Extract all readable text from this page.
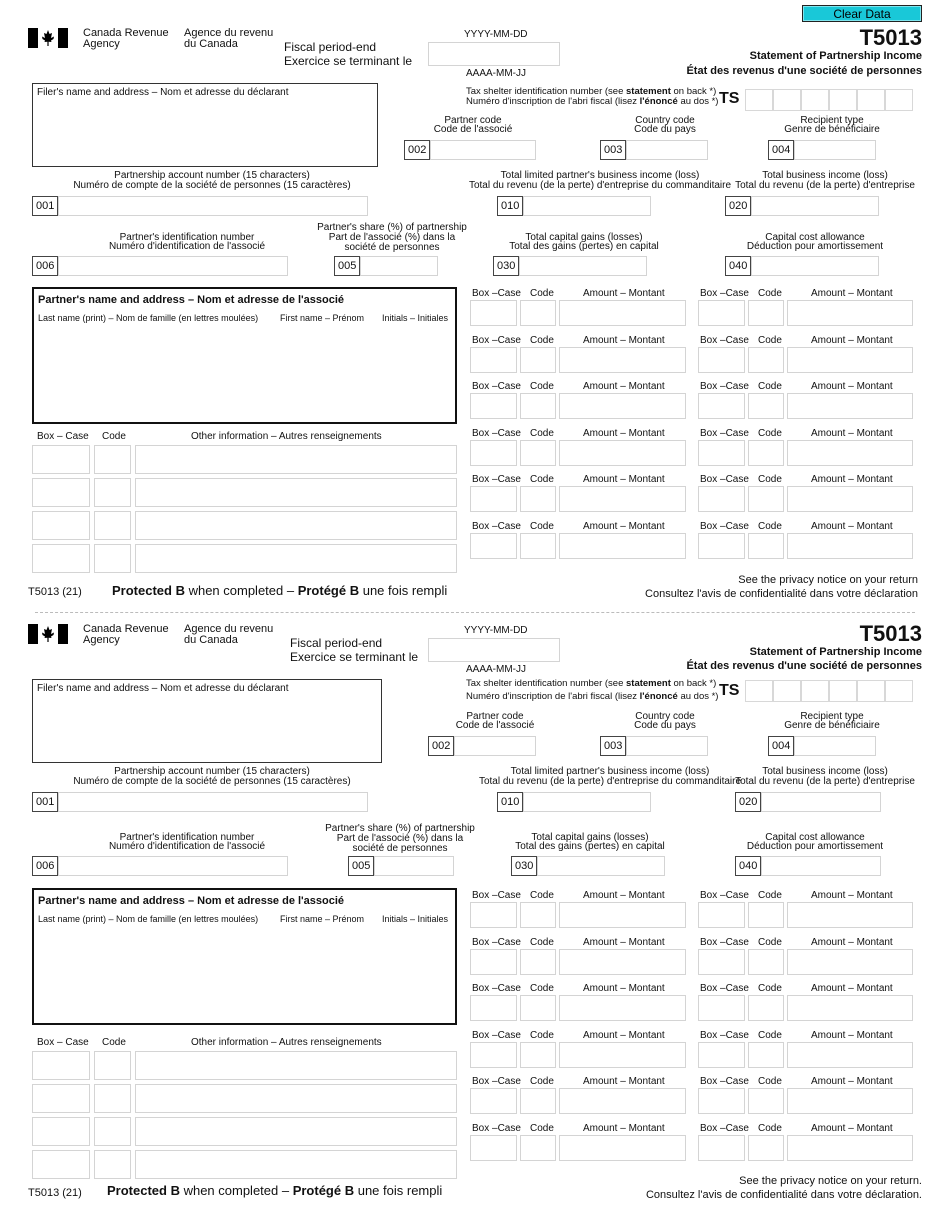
Clear Data
Canada Revenue
Agency
Agence du revenu
du Canada	Fiscal period-end
Exercice se terminant le
YYYY-MM-DD
AAAA-MM-JJ
T5013
Statement of Partnership Income
État des revenus d'une société de personnes
Filer's name and address – Nom et adresse du déclarant	Tax shelter identification number (see statement on back *)
Numéro d'inscription de l'abri fiscal (lisez l'énoncé au dos *) TS
Partner code
Code de l'associé
002
Country code
Code du pays
003
Recipient type
Genre de bénéficiaire
004
Partnership account number (15 characters)
Numéro de compte de la société de personnes (15 caractères)
001
Total limited partner's business income (loss)
Total du revenu (de la perte) d'entreprise du commanditaire
010
Total business income (loss)
Total du revenu (de la perte) d'entreprise
020
Partner's identification number
Numéro d'identification de l'associé
006
Partner's share (%) of partnership
Part de l'associé (%) dans la
société de personnes
005
Total capital gains (losses)
Total des gains (pertes) en capital
030
Capital cost allowance
Déduction pour amortissement
040
Partner's name and address – Nom et adresse de l'associé
Last name (print) – Nom de famille (en lettres moulées) First name – Prénom Initials – Initiales
Box – Case Code	Other information – Autres renseignements
T5013 (21) Protected B when completed – Protégé B une fois rempli
See the privacy notice on your return
Consultez l'avis de confidentialité dans votre déclaration
Box –Case Code	Amount – Montant	Box –Case Code	Amount – Montant
Box –Case Code	Amount – Montant	Box –Case Code	Amount – Montant
Box –Case Code	Amount – Montant	Box –Case Code	Amount – Montant
Box –Case Code	Amount – Montant	Box –Case Code	Amount – Montant
Box –Case Code	Amount – Montant	Box –Case Code	Amount – Montant
Box –Case Code	Amount – Montant	Box –Case Code	Amount – Montant
Canada Revenue
Agency
Agence du revenu
du Canada	Fiscal period-end
Exercice se terminant le
YYYY-MM-DD
AAAA-MM-JJ
T5013
Statement of Partnership Income
État des revenus d'une société de personnes
Filer's name and address – Nom et adresse du déclarant	Tax shelter identification number (see statement on back *)
Numéro d'inscription de l'abri fiscal (lisez l'énoncé au dos *) TS
Partner code
Code de l'associé
002
Country code
Code du pays
003
Recipient type
Genre de bénéficiaire
004
Partnership account number (15 characters)
Numéro de compte de la société de personnes (15 caractères)
001
Total limited partner's business income (loss)
Total du revenu (de la perte) d'entreprise du commanditaire
010
Total business income (loss)
Total du revenu (de la perte) d'entreprise
020
Partner's identification number
Numéro d'identification de l'associé
006
Partner's share (%) of partnership
Part de l'associé (%) dans la
société de personnes
005
Total capital gains (losses)
Total des gains (pertes) en capital
030
Capital cost allowance
Déduction pour amortissement
040
Partner's name and address – Nom et adresse de l'associé
Last name (print) – Nom de famille (en lettres moulées) First name – Prénom Initials – Initiales
Box – Case Code	Other information – Autres renseignements
T5013 (21) Protected B when completed – Protégé B une fois rempli
See the privacy notice on your return.
Consultez l'avis de confidentialité dans votre déclaration.
Box –Case Code	Amount – Montant	Box –Case Code	Amount – Montant
Box –Case Code	Amount – Montant	Box –Case Code	Amount – Montant
Box –Case Code	Amount – Montant	Box –Case Code	Amount – Montant
Box –Case Code	Amount – Montant	Box –Case Code	Amount – Montant
Box –Case Code	Amount – Montant	Box –Case Code	Amount – Montant
Box –Case Code	Amount – Montant	Box –Case Code	Amount – Montant
